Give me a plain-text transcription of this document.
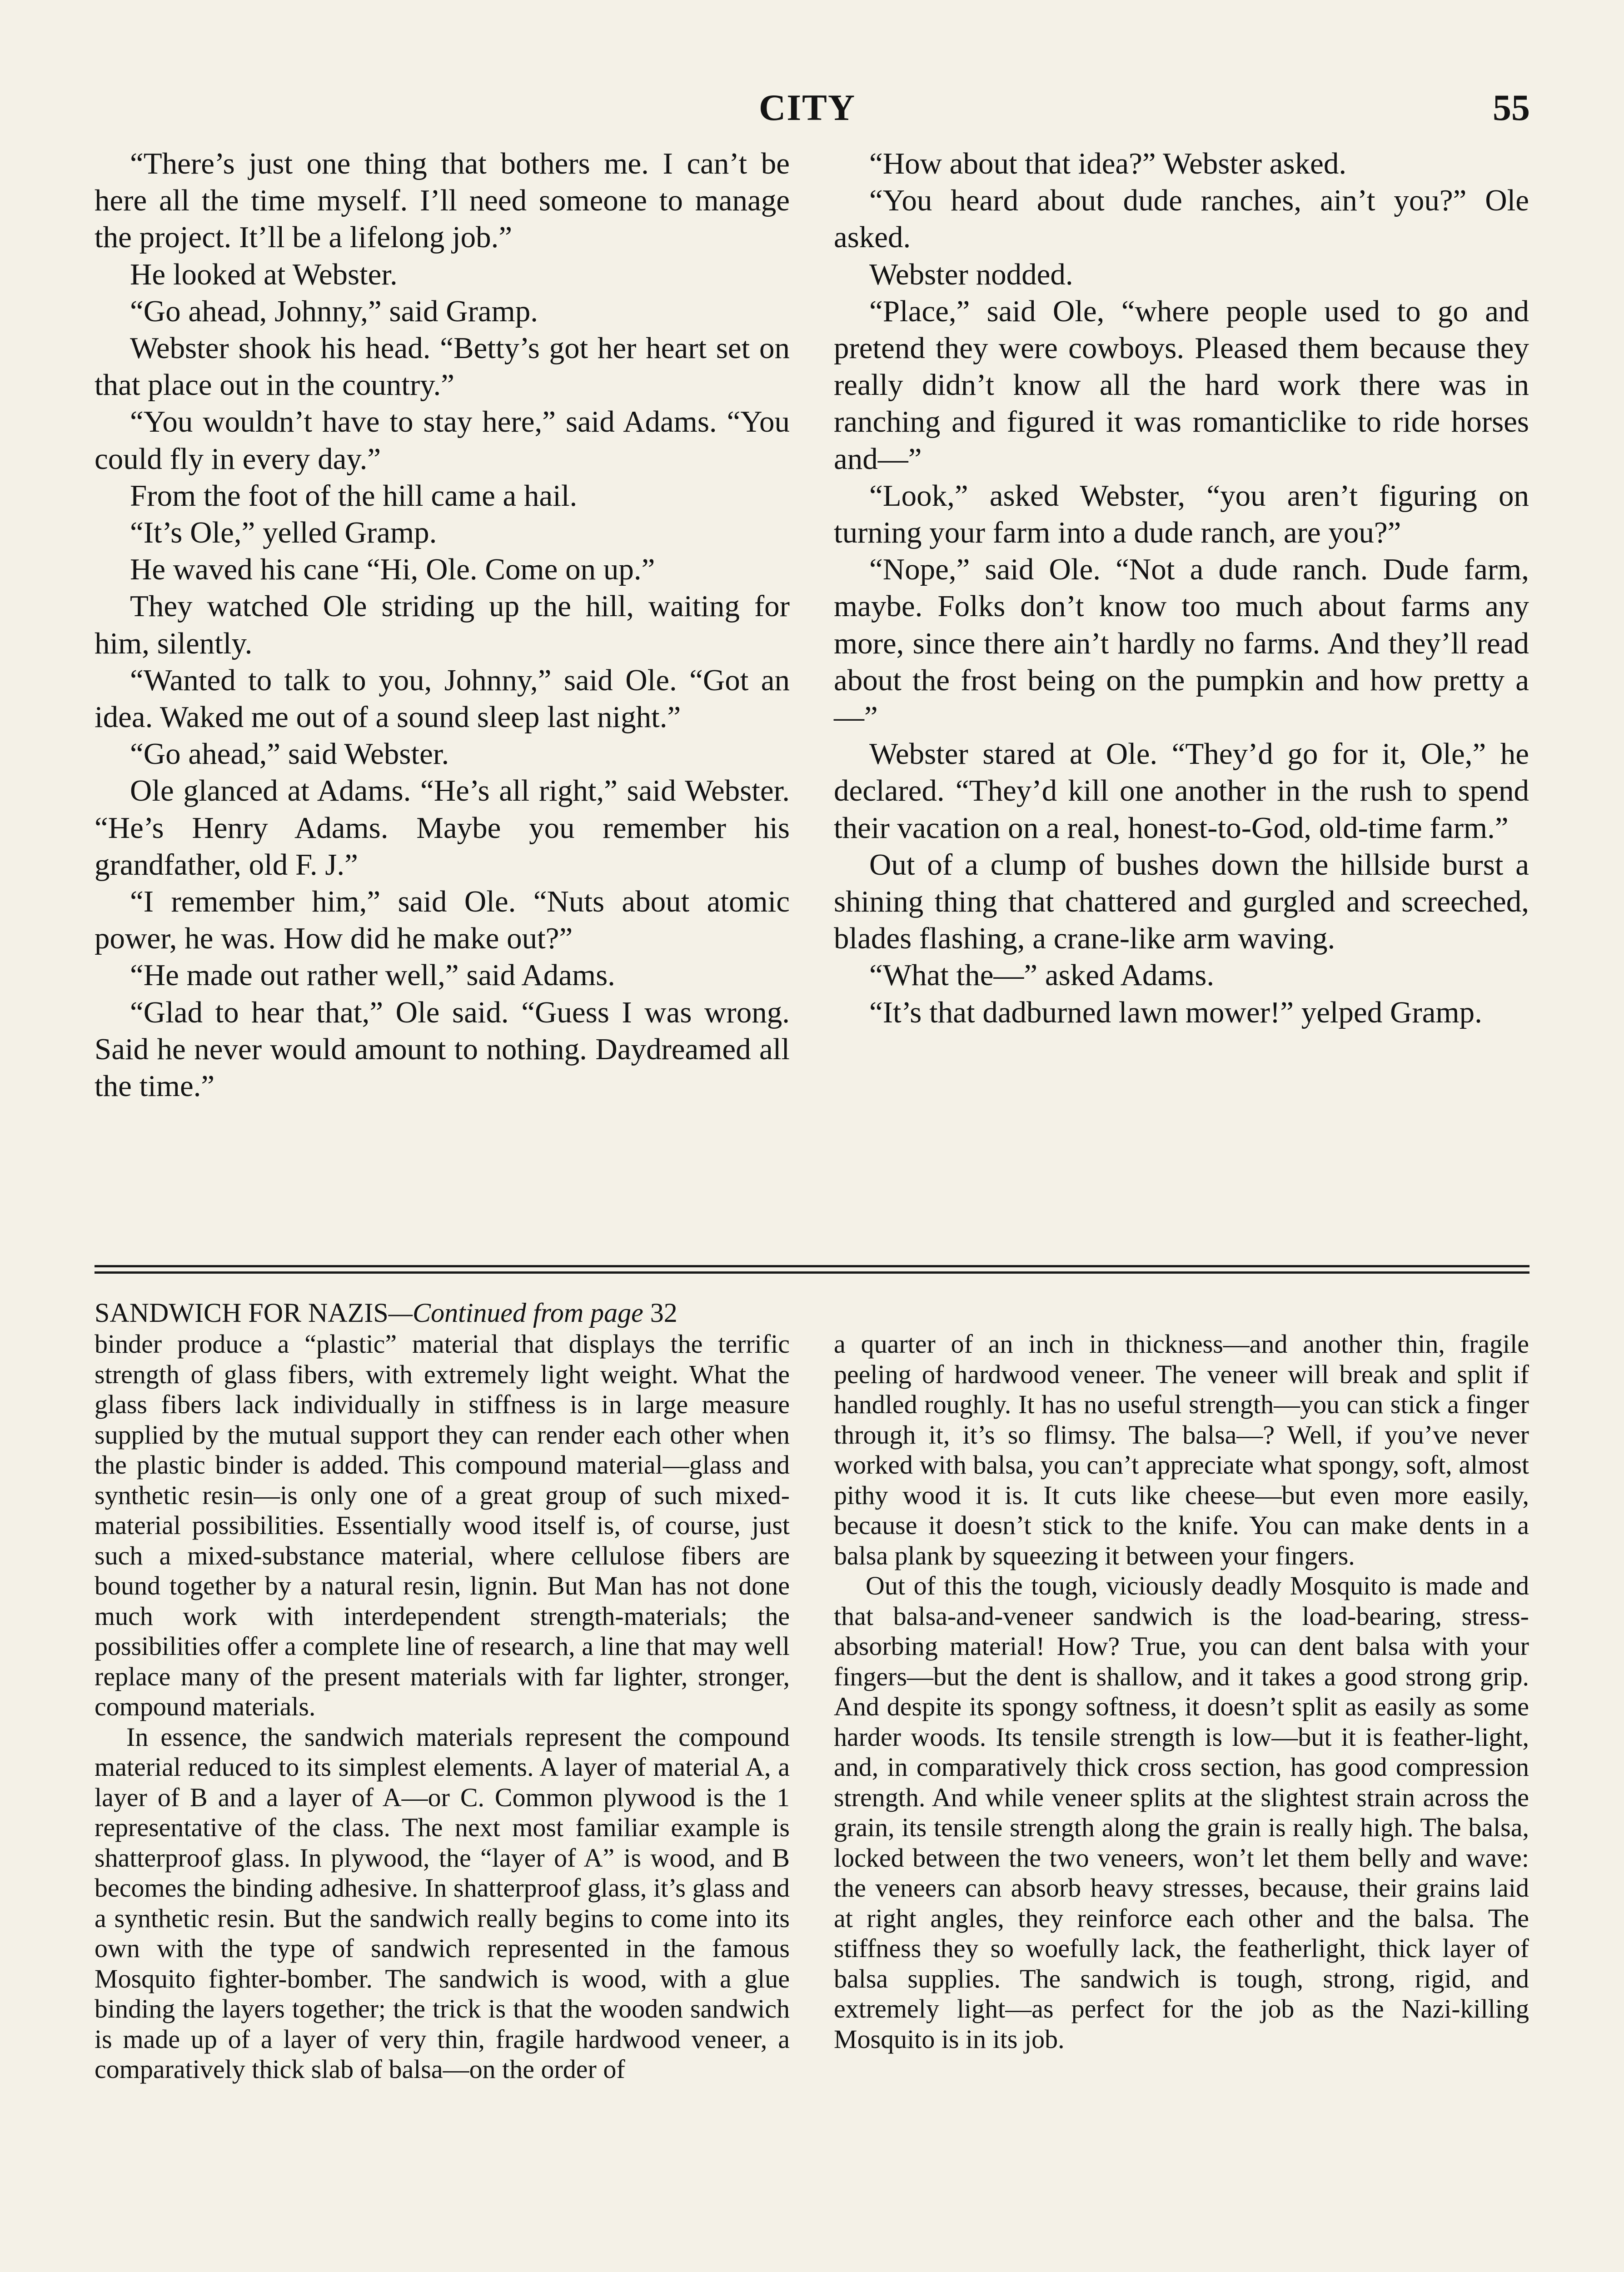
CITY	55

“There’s just one thing that bothers me. I can’t be here all the time myself. I’ll need someone to manage the project. It’ll be a lifelong job.”

He looked at Webster.

“Go ahead, Johnny,” said Gramp.

Webster shook his head. “Betty’s got her heart set on that place out in the country.”

“You wouldn’t have to stay here,” said Adams. “You could fly in every day.”

From the foot of the hill came a hail.

“It’s Ole,” yelled Gramp.

He waved his cane “Hi, Ole. Come on up.”

They watched Ole striding up the hill, waiting for him, silently.

“Wanted to talk to you, Johnny,” said Ole. “Got an idea. Waked me out of a sound sleep last night.”

“Go ahead,” said Webster.

Ole glanced at Adams. “He’s all right,” said Webster. “He’s Henry Adams. Maybe you remember his grandfather, old F. J.”

“I remember him,” said Ole. “Nuts about atomic power, he was. How did he make out?”

“He made out rather well,” said Adams.

“Glad to hear that,” Ole said. “Guess I was wrong. Said he never would amount to nothing. Daydreamed all the time.”

“How about that idea?” Webster asked.

“You heard about dude ranches, ain’t you?” Ole asked.

Webster nodded.

“Place,” said Ole, “where people used to go and pretend they were cowboys. Pleased them because they really didn’t know all the hard work there was in ranching and figured it was romanticlike to ride horses and—”

“Look,” asked Webster, “you aren’t figuring on turning your farm into a dude ranch, are you?”

“Nope,” said Ole. “Not a dude ranch. Dude farm, maybe. Folks don’t know too much about farms any more, since there ain’t hardly no farms. And they’ll read about the frost being on the pumpkin and how pretty a—”

Webster stared at Ole. “They’d go for it, Ole,” he declared. “They’d kill one another in the rush to spend their vacation on a real, honest-to-God, old-time farm.”

Out of a clump of bushes down the hillside burst a shining thing that chattered and gurgled and screeched, blades flashing, a crane-like arm waving.

“What the—” asked Adams.

“It’s that dadburned lawn mower!” yelped Gramp.

SANDWICH FOR NAZIS—Continued from page 32

binder produce a “plastic” material that displays the terrific strength of glass fibers, with extremely light weight. What the glass fibers lack individually in stiffness is in large measure supplied by the mutual support they can render each other when the plastic binder is added. This compound material—glass and synthetic resin—is only one of a great group of such mixed-material possibilities. Essentially wood itself is, of course, just such a mixed-substance material, where cellulose fibers are bound together by a natural resin, lignin. But Man has not done much work with interdependent strength-materials; the possibilities offer a complete line of research, a line that may well replace many of the present materials with far lighter, stronger, compound materials.

In essence, the sandwich materials represent the compound material reduced to its simplest elements. A layer of material A, a layer of B and a layer of A—or C. Common plywood is the 1 representative of the class. The next most familiar example is shatterproof glass. In plywood, the “layer of A” is wood, and B becomes the binding adhesive. In shatterproof glass, it’s glass and a synthetic resin. But the sandwich really begins to come into its own with the type of sandwich represented in the famous Mosquito fighter-bomber. The sandwich is wood, with a glue binding the layers together; the trick is that the wooden sandwich is made up of a layer of very thin, fragile hardwood veneer, a comparatively thick slab of balsa—on the order of

a quarter of an inch in thickness—and another thin, fragile peeling of hardwood veneer. The veneer will break and split if handled roughly. It has no useful strength—you can stick a finger through it, it’s so flimsy. The balsa—? Well, if you’ve never worked with balsa, you can’t appreciate what spongy, soft, almost pithy wood it is. It cuts like cheese—but even more easily, because it doesn’t stick to the knife. You can make dents in a balsa plank by squeezing it between your fingers.

Out of this the tough, viciously deadly Mosquito is made and that balsa-and-veneer sandwich is the load-bearing, stress-absorbing material! How? True, you can dent balsa with your fingers—but the dent is shallow, and it takes a good strong grip. And despite its spongy softness, it doesn’t split as easily as some harder woods. Its tensile strength is low—but it is feather-light, and, in comparatively thick cross section, has good compression strength. And while veneer splits at the slightest strain across the grain, its tensile strength along the grain is really high. The balsa, locked between the two veneers, won’t let them belly and wave: the veneers can absorb heavy stresses, because, their grains laid at right angles, they reinforce each other and the balsa. The stiffness they so woefully lack, the featherlight, thick layer of balsa supplies. The sandwich is tough, strong, rigid, and extremely light—as perfect for the job as the Nazi-killing Mosquito is in its job.
